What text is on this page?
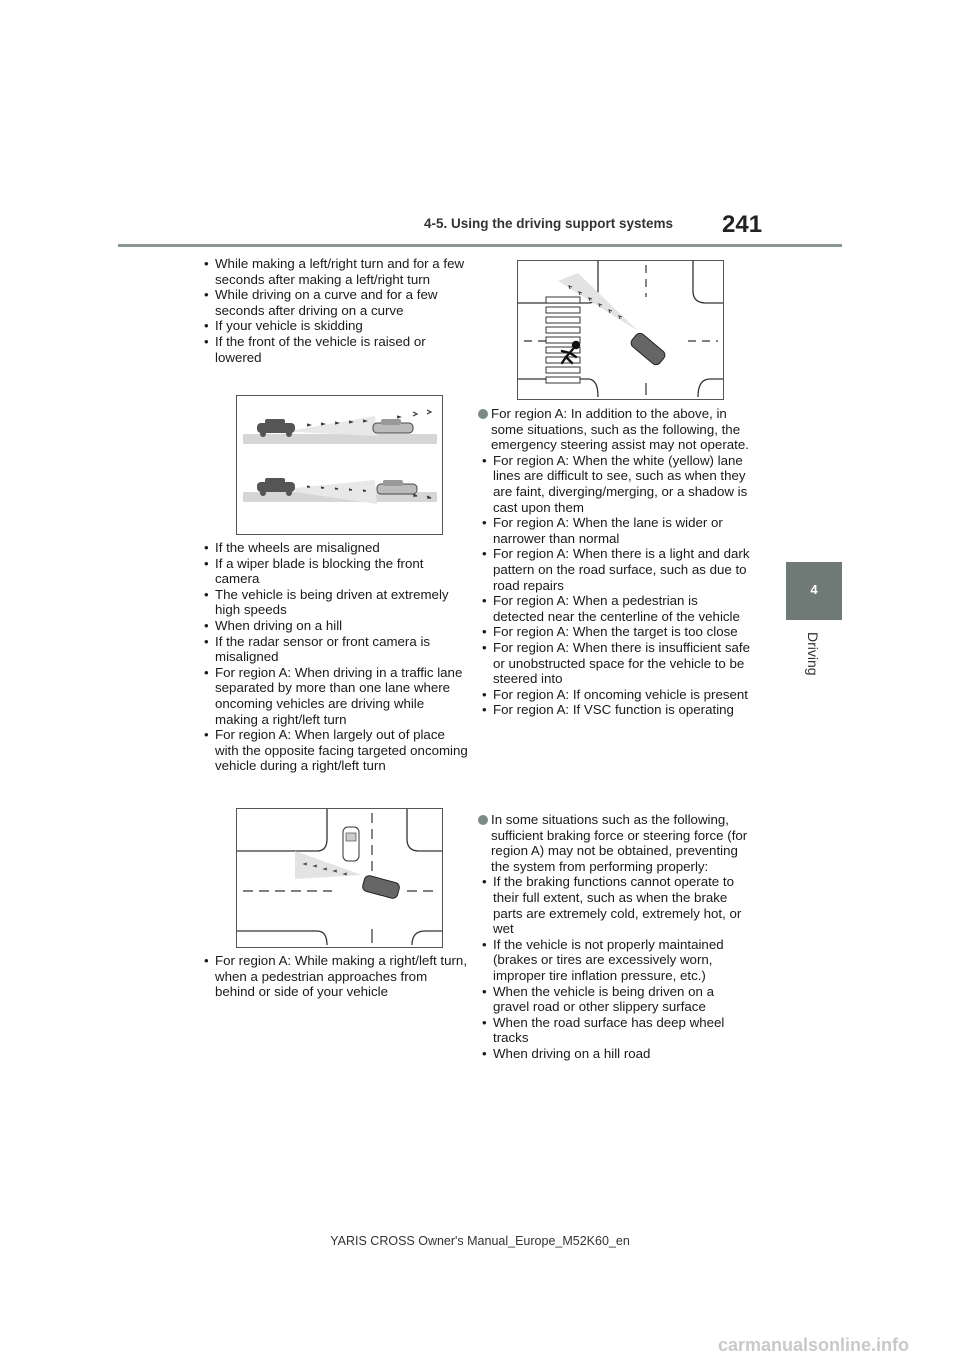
4-5. Using the driving support systems 241
4
Driving
• While making a left/right turn and for a few seconds after making a left/right turn
• While driving on a curve and for a few seconds after driving on a curve
• If your vehicle is skidding
• If the front of the vehicle is raised or lowered
• If the wheels are misaligned
• If a wiper blade is blocking the front camera
• The vehicle is being driven at extremely high speeds
• When driving on a hill
• If the radar sensor or front camera is misaligned
• For region A: When driving in a traffic lane separated by more than one lane where oncoming vehicles are driving while making a right/left turn
• For region A: When largely out of place with the opposite facing targeted oncoming vehicle during a right/left turn
• For region A: While making a right/left turn, when a pedestrian approaches from behind or side of your vehicle
For region A: In addition to the above, in some situations, such as the following, the emergency steering assist may not operate.
• For region A: When the white (yellow) lane lines are difficult to see, such as when they are faint, diverging/merging, or a shadow is cast upon them
• For region A: When the lane is wider or narrower than normal
• For region A: When there is a light and dark pattern on the road surface, such as due to road repairs
• For region A: When a pedestrian is detected near the centerline of the vehicle
• For region A: When the target is too close
• For region A: When there is insufficient safe or unobstructed space for the vehicle to be steered into
• For region A: If oncoming vehicle is present
• For region A: If VSC function is operating
In some situations such as the following, sufficient braking force or steering force (for region A) may not be obtained, preventing the system from performing properly:
• If the braking functions cannot operate to their full extent, such as when the brake parts are extremely cold, extremely hot, or wet
• If the vehicle is not properly maintained (brakes or tires are excessively worn, improper tire inflation pressure, etc.)
• When the vehicle is being driven on a gravel road or other slippery surface
• When the road surface has deep wheel tracks
• When driving on a hill road
YARIS CROSS Owner's Manual_Europe_M52K60_en
carmanualsonline.info
